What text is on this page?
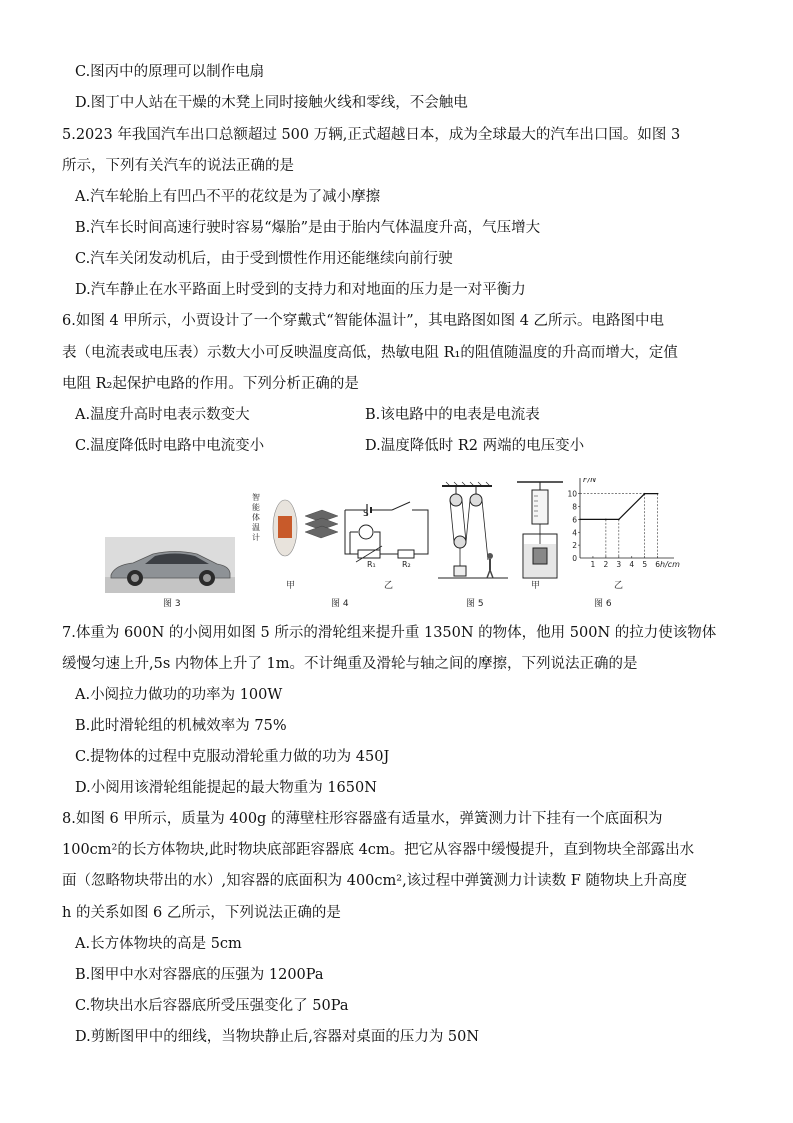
C.图丙中的原理可以制作电扇
D.图丁中人站在干燥的木凳上同时接触火线和零线，不会触电
5.2023 年我国汽车出口总额超过 500 万辆,正式超越日本，成为全球最大的汽车出口国。如图 3
所示，下列有关汽车的说法正确的是
A.汽车轮胎上有凹凸不平的花纹是为了减小摩擦
B.汽车长时间高速行驶时容易“爆胎”是由于胎内气体温度升高，气压增大
C.汽车关闭发动机后，由于受到惯性作用还能继续向前行驶
D.汽车静止在水平路面上时受到的支持力和对地面的压力是一对平衡力
6.如图 4 甲所示，小贾设计了一个穿戴式“智能体温计”，其电路图如图 4 乙所示。电路图中电
表（电流表或电压表）示数大小可反映温度高低，热敏电阻 R₁的阻值随温度的升高而增大，定值
电阻 R₂起保护电路的作用。下列分析正确的是
A.温度升高时电表示数变大	B.该电路中的电表是电流表
C.温度降低时电路中电流变小	D.温度降低时 R2 两端的电压变小
图 3
智能体温计
S
R₁	R₂
甲	乙
图 4	图 5
甲
F/N
h/cm
0
2
4
6
8
10
1 2 3 4 5 6
乙
图 6
7.体重为 600N 的小阅用如图 5 所示的滑轮组来提升重 1350N 的物体，他用 500N 的拉力使该物体
缓慢匀速上升,5s 内物体上升了 1m。不计绳重及滑轮与轴之间的摩擦，下列说法正确的是
A.小阅拉力做功的功率为 100W
B.此时滑轮组的机械效率为 75%
C.提物体的过程中克服动滑轮重力做的功为 450J
D.小阅用该滑轮组能提起的最大物重为 1650N
8.如图 6 甲所示，质量为 400g 的薄壁柱形容器盛有适量水，弹簧测力计下挂有一个底面积为
100cm²的长方体物块,此时物块底部距容器底 4cm。把它从容器中缓慢提升，直到物块全部露出水
面（忽略物块带出的水）,知容器的底面积为 400cm²,该过程中弹簧测力计读数 F 随物块上升高度
h 的关系如图 6 乙所示，下列说法正确的是
A.长方体物块的高是 5cm
B.图甲中水对容器底的压强为 1200Pa
C.物块出水后容器底所受压强变化了 50Pa
D.剪断图甲中的细线，当物块静止后,容器对桌面的压力为 50N
